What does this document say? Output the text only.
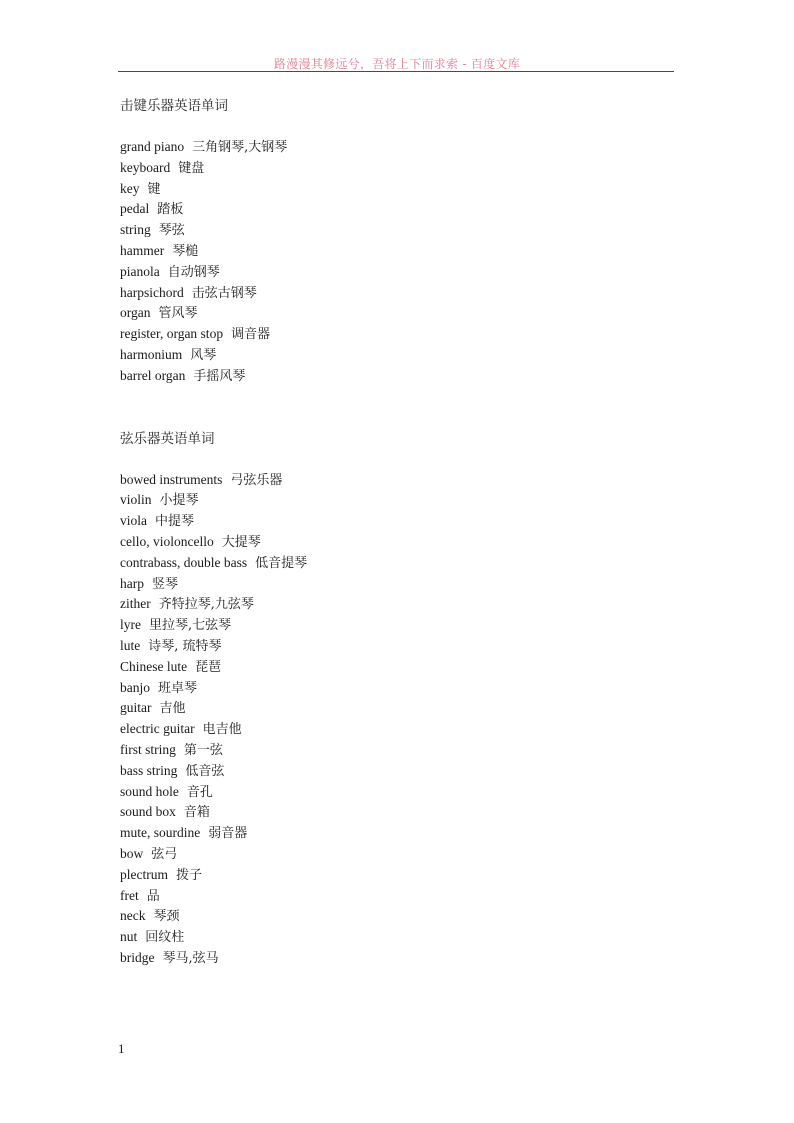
路漫漫其修远兮，吾将上下而求索 - 百度文库
击键乐器英语单词
grand piano 三角钢琴,大钢琴
keyboard 键盘
key 键
pedal 踏板
string 琴弦
hammer 琴槌
pianola 自动钢琴
harpsichord 击弦古钢琴
organ 管风琴
register, organ stop 调音器
harmonium 风琴
barrel organ 手摇风琴
弦乐器英语单词
bowed instruments 弓弦乐器
violin 小提琴
viola 中提琴
cello, violoncello 大提琴
contrabass, double bass 低音提琴
harp 竖琴
zither 齐特拉琴,九弦琴
lyre 里拉琴,七弦琴
lute 诗琴, 琉特琴
Chinese lute 琵琶
banjo 班卓琴
guitar 吉他
electric guitar 电吉他
first string 第一弦
bass string 低音弦
sound hole 音孔
sound box 音箱
mute, sourdine 弱音器
bow 弦弓
plectrum 拨子
fret 品
neck 琴颈
nut 回纹柱
bridge 琴马,弦马
1
